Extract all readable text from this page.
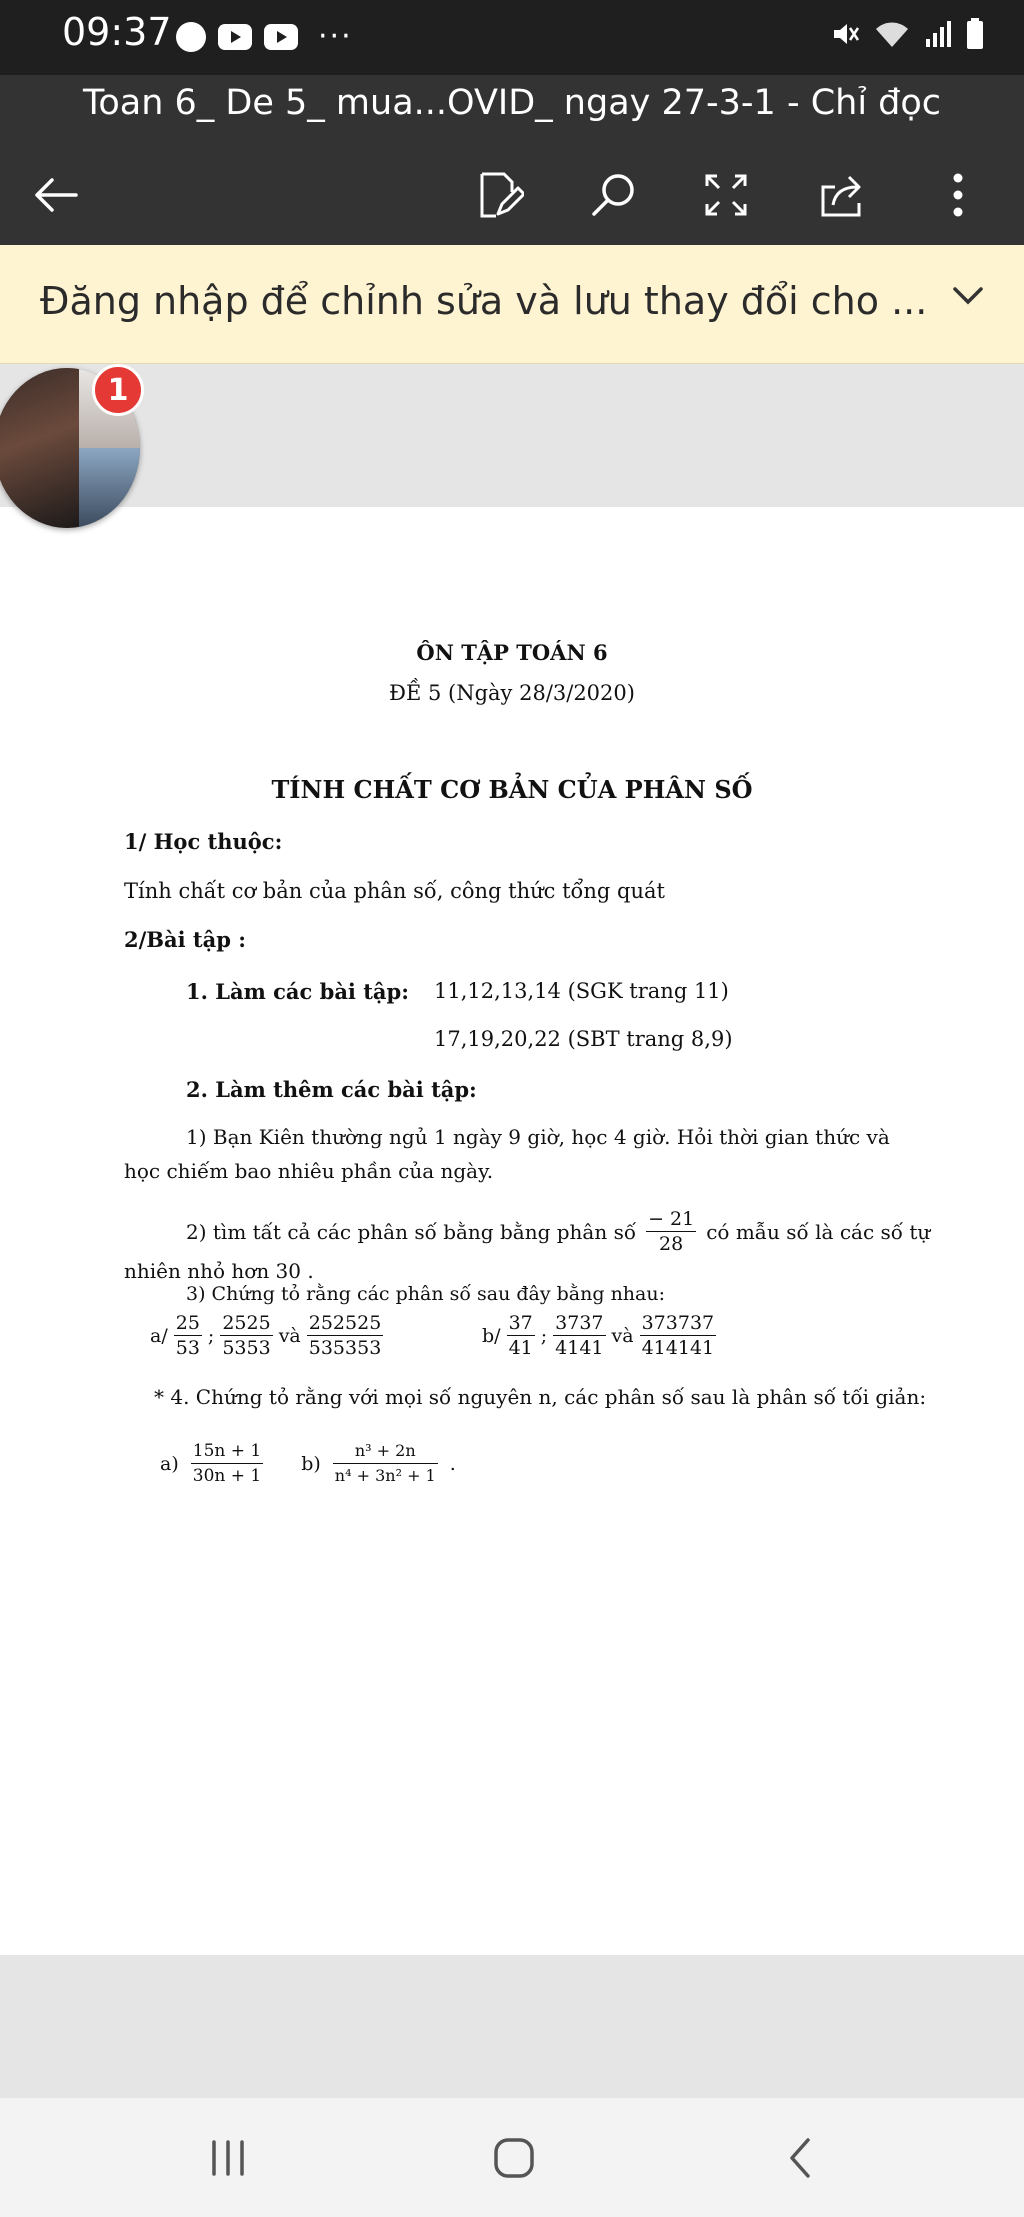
09:37	···
Toan 6_ De 5_ mua...OVID_ ngay 27-3-1 - Chỉ đọc
Đăng nhập để chỉnh sửa và lưu thay đổi cho ...
ÔN TẬP TOÁN 6
ĐỀ 5 (Ngày 28/3/2020)
TÍNH CHẤT CƠ BẢN CỦA PHÂN SỐ
1/ Học thuộc:
Tính chất cơ bản của phân số, công thức tổng quát
2/Bài tập :
1. Làm các bài tập: 11,12,13,14 (SGK trang 11)
17,19,20,22 (SBT trang 8,9)
2. Làm thêm các bài tập:
1) Bạn Kiên thường ngủ 1 ngày 9 giờ, học 4 giờ. Hỏi thời gian thức và
học chiếm bao nhiêu phần của ngày.
2) tìm tất cả các phân số bằng bằng phân số $\frac{- 21}{28}$ có mẫu số là các số tự
nhiên nhỏ hơn 30 .
3) Chứng tỏ rằng các phân số sau đây bằng nhau:
$a/ \frac{25}{53}$ ; $\frac{2525}{5353}$ và $\frac{252525}{535353}$	$b/ \frac{37}{41}$ ; $\frac{3737}{4141}$ và $\frac{373737}{414141}$
* 4. Chứng tỏ rằng với mọi số nguyên n, các phân số sau là phân số tối giản:
$a) \frac{15n + 1}{30n + 1} b) \frac{\text{n³ + 2n}}{\text{n⁴ + 3n² + 1}}$ .
1
